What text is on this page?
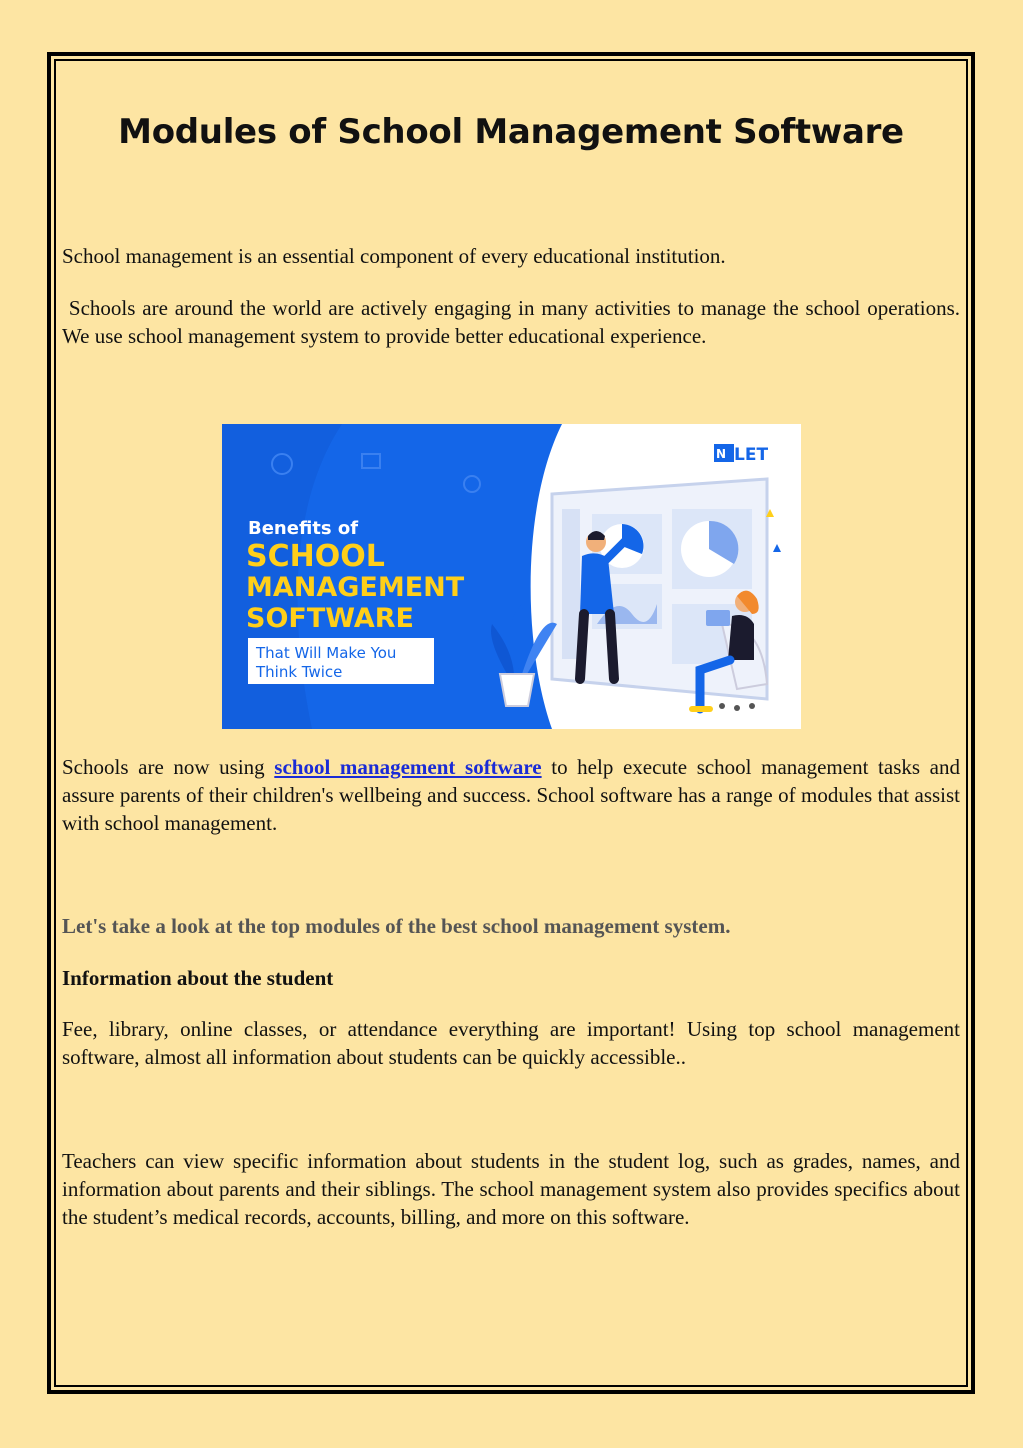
Modules of School Management Software

School management is an essential component of every educational institution.

Schools are around the world are actively engaging in many activities to manage the school operations. We use school management system to provide better educational experience.

Schools are now using school management software to help execute school management tasks and assure parents of their children's wellbeing and success. School software has a range of modules that assist with school management.

Let's take a look at the top modules of the best school management system.

Information about the student

Fee, library, online classes, or attendance everything are important! Using top school management software, almost all information about students can be quickly accessible..

Teachers can view specific information about students in the student log, such as grades, names, and information about parents and their siblings. The school management system also provides specifics about the student’s medical records, accounts, billing, and more on this software.

Benefits of
SCHOOL
MANAGEMENT
SOFTWARE
That Will Make You
Think Twice
N LET
